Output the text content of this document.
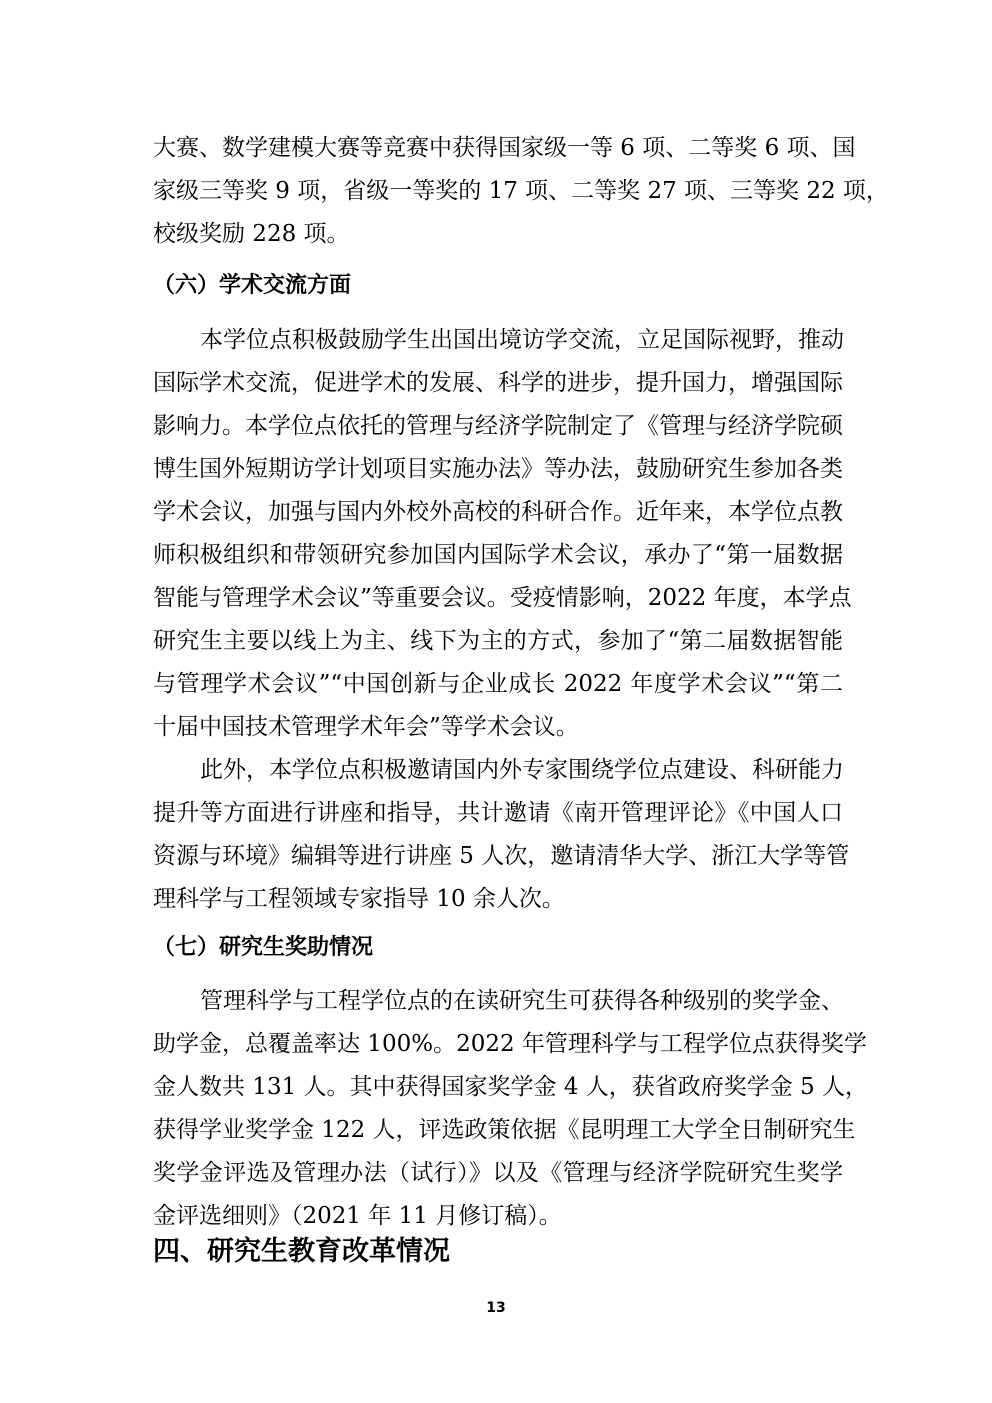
大赛、数学建模大赛等竞赛中获得国家级一等 6 项、二等奖 6 项、国
家级三等奖 9 项，省级一等奖的 17 项、二等奖 27 项、三等奖 22 项，
校级奖励 228 项。
（六）学术交流方面
本学位点积极鼓励学生出国出境访学交流，立足国际视野，推动
国际学术交流，促进学术的发展、科学的进步，提升国力，增强国际
影响力。本学位点依托的管理与经济学院制定了《管理与经济学院硕
博生国外短期访学计划项目实施办法》等办法，鼓励研究生参加各类
学术会议，加强与国内外校外高校的科研合作。近年来，本学位点教
师积极组织和带领研究参加国内国际学术会议，承办了“第一届数据
智能与管理学术会议”等重要会议。受疫情影响，2022 年度，本学点
研究生主要以线上为主、线下为主的方式，参加了“第二届数据智能
与管理学术会议”“中国创新与企业成长 2022 年度学术会议”“第二
十届中国技术管理学术年会”等学术会议。
此外，本学位点积极邀请国内外专家围绕学位点建设、科研能力
提升等方面进行讲座和指导，共计邀请《南开管理评论》《中国人口
资源与环境》编辑等进行讲座 5 人次，邀请清华大学、浙江大学等管
理科学与工程领域专家指导 10 余人次。
（七）研究生奖助情况
管理科学与工程学位点的在读研究生可获得各种级别的奖学金、
助学金，总覆盖率达 100%。2022 年管理科学与工程学位点获得奖学
金人数共 131 人。其中获得国家奖学金 4 人，获省政府奖学金 5 人，
获得学业奖学金 122 人，评选政策依据《昆明理工大学全日制研究生
奖学金评选及管理办法（试行）》以及《管理与经济学院研究生奖学
金评选细则》（2021 年 11 月修订稿）。
四、研究生教育改革情况
13
